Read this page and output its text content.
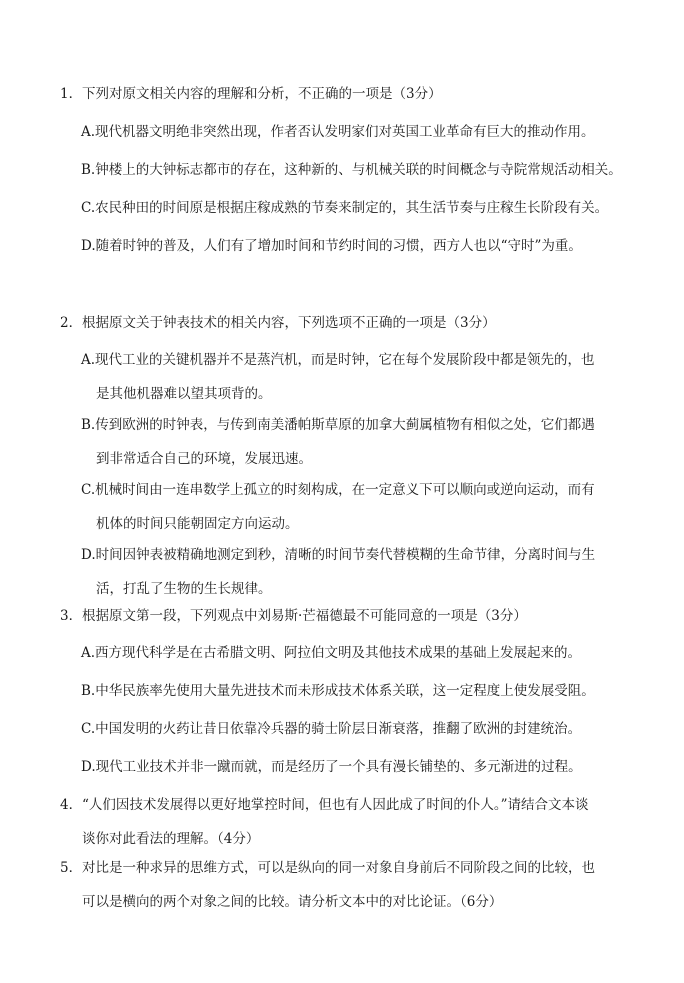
1．下列对原文相关内容的理解和分析，不正确的一项是（3分）
A.现代机器文明绝非突然出现，作者否认发明家们对英国工业革命有巨大的推动作用。
B.钟楼上的大钟标志都市的存在，这种新的、与机械关联的时间概念与寺院常规活动相关。
C.农民种田的时间原是根据庄稼成熟的节奏来制定的，其生活节奏与庄稼生长阶段有关。
D.随着时钟的普及，人们有了增加时间和节约时间的习惯，西方人也以“守时”为重。
2．根据原文关于钟表技术的相关内容，下列选项不正确的一项是（3分）
A.现代工业的关键机器并不是蒸汽机，而是时钟，它在每个发展阶段中都是领先的，也
是其他机器难以望其项背的。
B.传到欧洲的时钟表，与传到南美潘帕斯草原的加拿大蓟属植物有相似之处，它们都遇
到非常适合自己的环境，发展迅速。
C.机械时间由一连串数学上孤立的时刻构成，在一定意义下可以顺向或逆向运动，而有
机体的时间只能朝固定方向运动。
D.时间因钟表被精确地测定到秒，清晰的时间节奏代替模糊的生命节律，分离时间与生
活，打乱了生物的生长规律。
3．根据原文第一段，下列观点中刘易斯·芒福德最不可能同意的一项是（3分）
A.西方现代科学是在古希腊文明、阿拉伯文明及其他技术成果的基础上发展起来的。
B.中华民族率先使用大量先进技术而未形成技术体系关联，这一定程度上使发展受阻。
C.中国发明的火药让昔日依靠冷兵器的骑士阶层日渐衰落，推翻了欧洲的封建统治。
D.现代工业技术并非一蹴而就，而是经历了一个具有漫长铺垫的、多元渐进的过程。
4．“人们因技术发展得以更好地掌控时间，但也有人因此成了时间的仆人。”请结合文本谈
谈你对此看法的理解。（4分）
5．对比是一种求异的思维方式，可以是纵向的同一对象自身前后不同阶段之间的比较，也
可以是横向的两个对象之间的比较。请分析文本中的对比论证。（6分）
